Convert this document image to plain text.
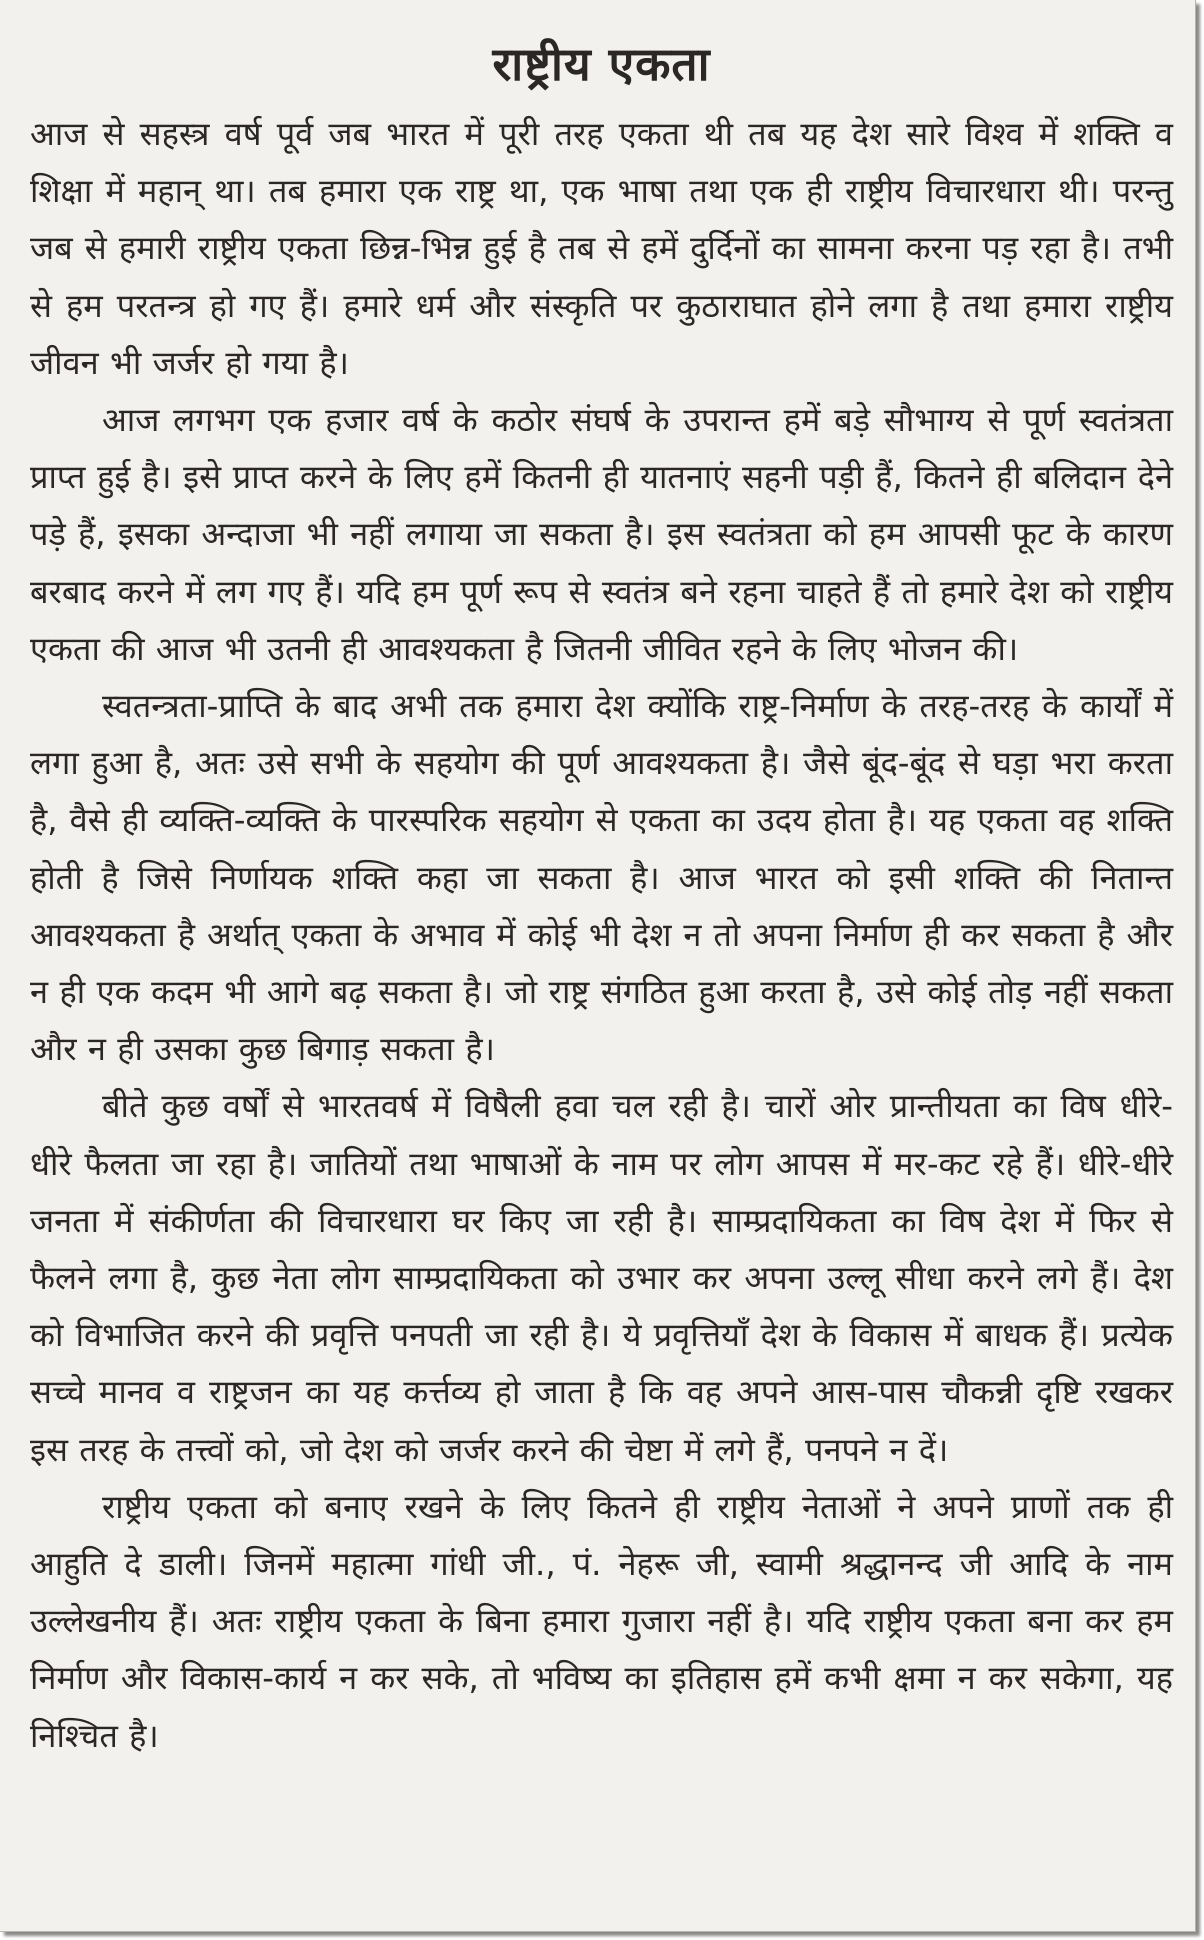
राष्ट्रीय एकता

आज से सहस्त्र वर्ष पूर्व जब भारत में पूरी तरह एकता थी तब यह देश सारे विश्व में शक्ति व शिक्षा में महान् था। तब हमारा एक राष्ट्र था, एक भाषा तथा एक ही राष्ट्रीय विचारधारा थी। परन्तु जब से हमारी राष्ट्रीय एकता छिन्न-भिन्न हुई है तब से हमें दुर्दिनों का सामना करना पड़ रहा है। तभी से हम परतन्त्र हो गए हैं। हमारे धर्म और संस्कृति पर कुठाराघात होने लगा है तथा हमारा राष्ट्रीय जीवन भी जर्जर हो गया है।

आज लगभग एक हजार वर्ष के कठोर संघर्ष के उपरान्त हमें बड़े सौभाग्य से पूर्ण स्वतंत्रता प्राप्त हुई है। इसे प्राप्त करने के लिए हमें कितनी ही यातनाएं सहनी पड़ी हैं, कितने ही बलिदान देने पड़े हैं, इसका अन्दाजा भी नहीं लगाया जा सकता है। इस स्वतंत्रता को हम आपसी फूट के कारण बरबाद करने में लग गए हैं। यदि हम पूर्ण रूप से स्वतंत्र बने रहना चाहते हैं तो हमारे देश को राष्ट्रीय एकता की आज भी उतनी ही आवश्यकता है जितनी जीवित रहने के लिए भोजन की।

स्वतन्त्रता-प्राप्ति के बाद अभी तक हमारा देश क्योंकि राष्ट्र-निर्माण के तरह-तरह के कार्यों में लगा हुआ है, अतः उसे सभी के सहयोग की पूर्ण आवश्यकता है। जैसे बूंद-बूंद से घड़ा भरा करता है, वैसे ही व्यक्ति-व्यक्ति के पारस्परिक सहयोग से एकता का उदय होता है। यह एकता वह शक्ति होती है जिसे निर्णायक शक्ति कहा जा सकता है। आज भारत को इसी शक्ति की नितान्त आवश्यकता है अर्थात् एकता के अभाव में कोई भी देश न तो अपना निर्माण ही कर सकता है और न ही एक कदम भी आगे बढ़ सकता है। जो राष्ट्र संगठित हुआ करता है, उसे कोई तोड़ नहीं सकता और न ही उसका कुछ बिगाड़ सकता है।

बीते कुछ वर्षों से भारतवर्ष में विषैली हवा चल रही है। चारों ओर प्रान्तीयता का विष धीरे-धीरे फैलता जा रहा है। जातियों तथा भाषाओं के नाम पर लोग आपस में मर-कट रहे हैं। धीरे-धीरे जनता में संकीर्णता की विचारधारा घर किए जा रही है। साम्प्रदायिकता का विष देश में फिर से फैलने लगा है, कुछ नेता लोग साम्प्रदायिकता को उभार कर अपना उल्लू सीधा करने लगे हैं। देश को विभाजित करने की प्रवृत्ति पनपती जा रही है। ये प्रवृत्तियाँ देश के विकास में बाधक हैं। प्रत्येक सच्चे मानव व राष्ट्रजन का यह कर्त्तव्य हो जाता है कि वह अपने आस-पास चौकन्नी दृष्टि रखकर इस तरह के तत्त्वों को, जो देश को जर्जर करने की चेष्टा में लगे हैं, पनपने न दें।

राष्ट्रीय एकता को बनाए रखने के लिए कितने ही राष्ट्रीय नेताओं ने अपने प्राणों तक ही आहुति दे डाली। जिनमें महात्मा गांधी जी., पं. नेहरू जी, स्वामी श्रद्धानन्द जी आदि के नाम उल्लेखनीय हैं। अतः राष्ट्रीय एकता के बिना हमारा गुजारा नहीं है। यदि राष्ट्रीय एकता बना कर हम निर्माण और विकास-कार्य न कर सके, तो भविष्य का इतिहास हमें कभी क्षमा न कर सकेगा, यह निश्चित है।
